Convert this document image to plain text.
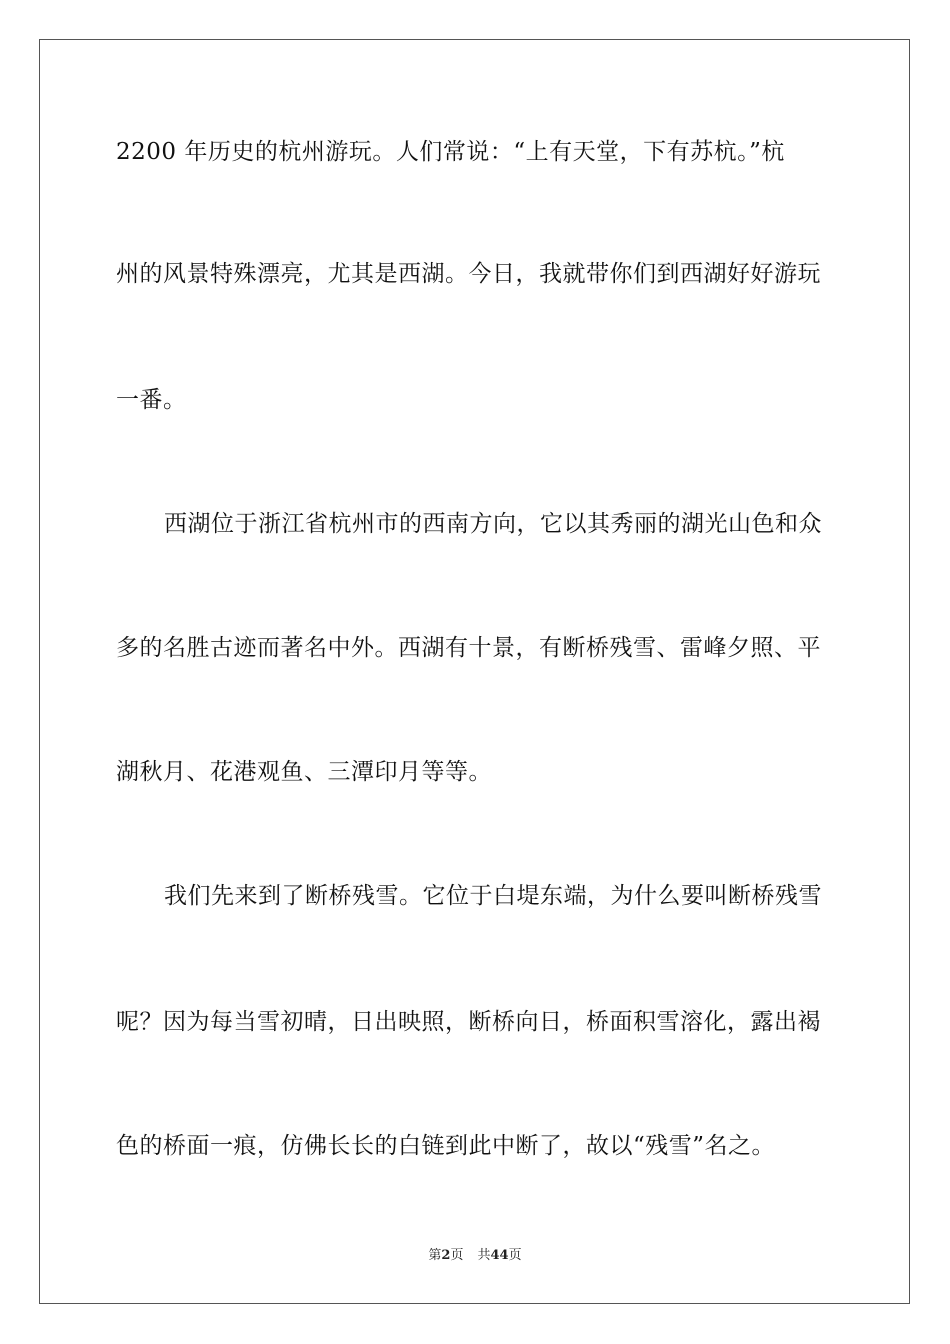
2200 年历史的杭州游玩。人们常说：“上有天堂，下有苏杭。”杭
州的风景特殊漂亮，尤其是西湖。今日，我就带你们到西湖好好游玩
一番。
西湖位于浙江省杭州市的西南方向，它以其秀丽的湖光山色和众
多的名胜古迹而著名中外。西湖有十景，有断桥残雪、雷峰夕照、平
湖秋月、花港观鱼、三潭印月等等。
我们先来到了断桥残雪。它位于白堤东端，为什么要叫断桥残雪
呢？因为每当雪初晴，日出映照，断桥向日，桥面积雪溶化，露出褐
色的桥面一痕，仿佛长长的白链到此中断了，故以“残雪”名之。
第2页 共44页
